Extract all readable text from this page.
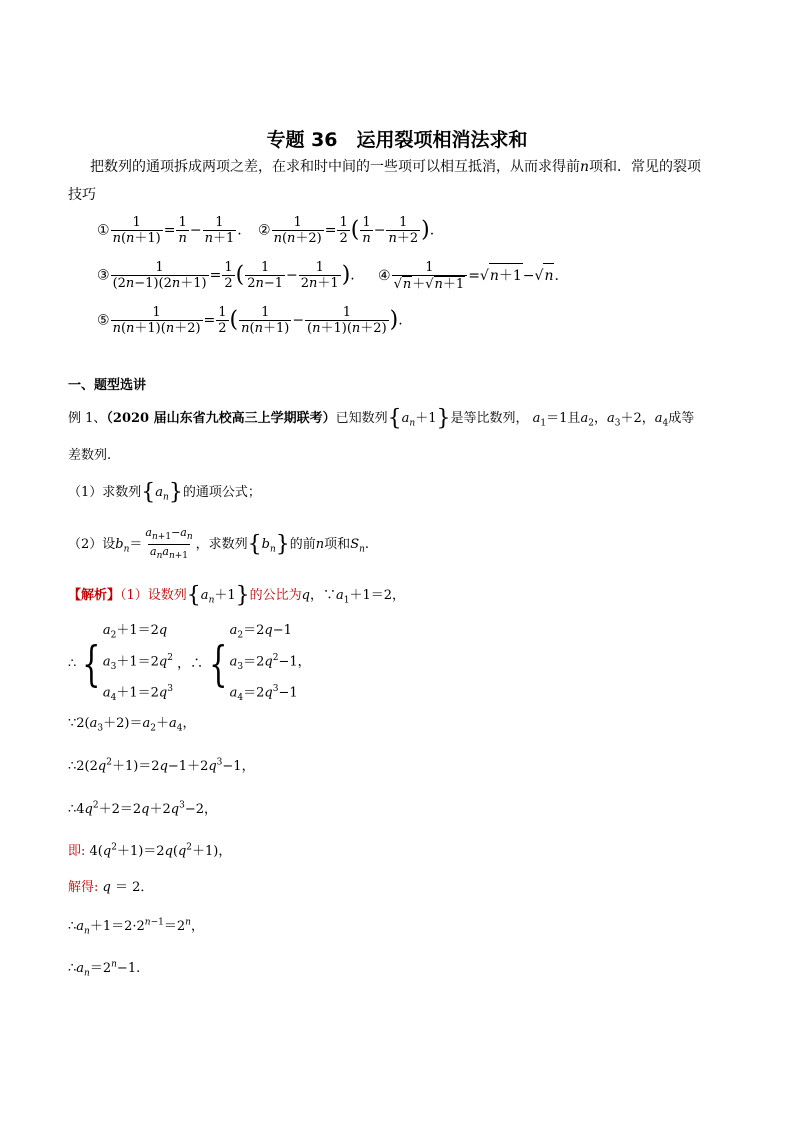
专题 36　运用裂项相消法求和
把数列的通项拆成两项之差，在求和时中间的一些项可以相互抵消，从而求得前n项和．常见的裂项
技巧
① $\frac{1}{n(n+1)} = \frac{1}{n} - \frac{1}{n+1}$ . ② $\frac{1}{n(n+2)} = \frac{1}{2}$ ( $\frac{1}{n} - \frac{1}{n+2}$ ).
③ $\frac{1}{(2n-1)(2n+1)} = \frac{1}{2}$ ( $\frac{1}{2n-1} - \frac{1}{2n+1}$ ). ④ $\frac{1}{√n+√n+1} =√n+1-√n$.
⑤ $\frac{1}{n(n+1)(n+2)} = \frac{1}{2}$ ( $\frac{1}{n(n+1)} - \frac{1}{(n+1)(n+2)}$ ).
一、题型选讲
例 1、（2020 届山东省九校高三上学期联考）已知数列$\{a_n+1\}$是等比数列， $a_1=1$且$a_2$，$a_3+2$，$a_4$成等
差数列.
（1）求数列$\{a_n\}$的通项公式；
（2）设$b_n= \frac{a_{n+1}-a_n}{a_na_{n+1}}$ ，求数列$\{b_n\}$的前n项和$S_n$.
【解析】（1）设数列$\{a_n+1\}$的公比为q，$\because a_1+1=2$，
∴ {
$a_2+1=2q$
$a_3+1=2q^2$
$a_4+1=2q^3$
，∴ {
$a_2=2q-1$
$a_3=2q^2-1$，
$a_4=2q^3-1$
$\because 2(a_3+2)=a_2+a_4$，
$\therefore 2(2q^2+1)=2q-1+2q^3-1$，
$\therefore 4q^2+2=2q+2q^3-2$，
即: $4(q^2+1)=2q(q^2+1)$，
解得: q ＝ 2．
$\therefore a_n+1=2\cdot 2^{n-1}=2^n$，
$\therefore a_n=2^n-1$.
